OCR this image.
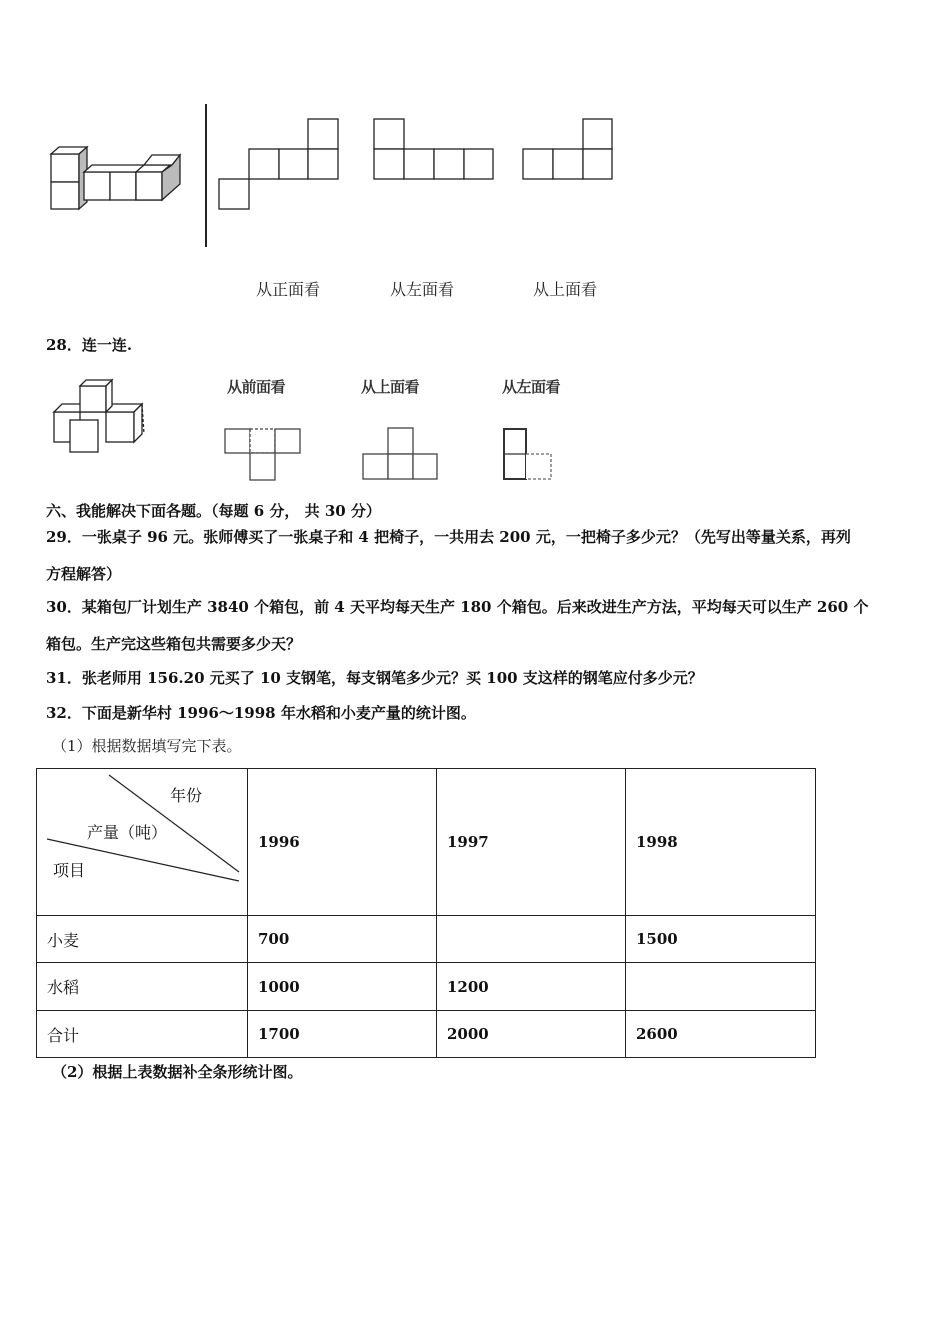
从正面看	从左面看	从上面看
28．连一连.
从前面看	从上面看	从左面看
六、我能解决下面各题。（每题 6 分， 共 30 分）
29．一张桌子 96 元。张师傅买了一张桌子和 4 把椅子，一共用去 200 元，一把椅子多少元？（先写出等量关系，再列
方程解答）
30．某箱包厂计划生产 3840 个箱包，前 4 天平均每天生产 180 个箱包。后来改进生产方法，平均每天可以生产 260 个
箱包。生产完这些箱包共需要多少天？
31．张老师用 156.20 元买了 10 支钢笔，每支钢笔多少元？买 100 支这样的钢笔应付多少元？
32．下面是新华村 1996～1998 年水稻和小麦产量的统计图。
（1）根据数据填写完下表。
年份
产量（吨）
项目	1996	1997	1998
小麦	700		1500
水稻	1000	1200	
合计	1700	2000	2600
（2）根据上表数据补全条形统计图。
